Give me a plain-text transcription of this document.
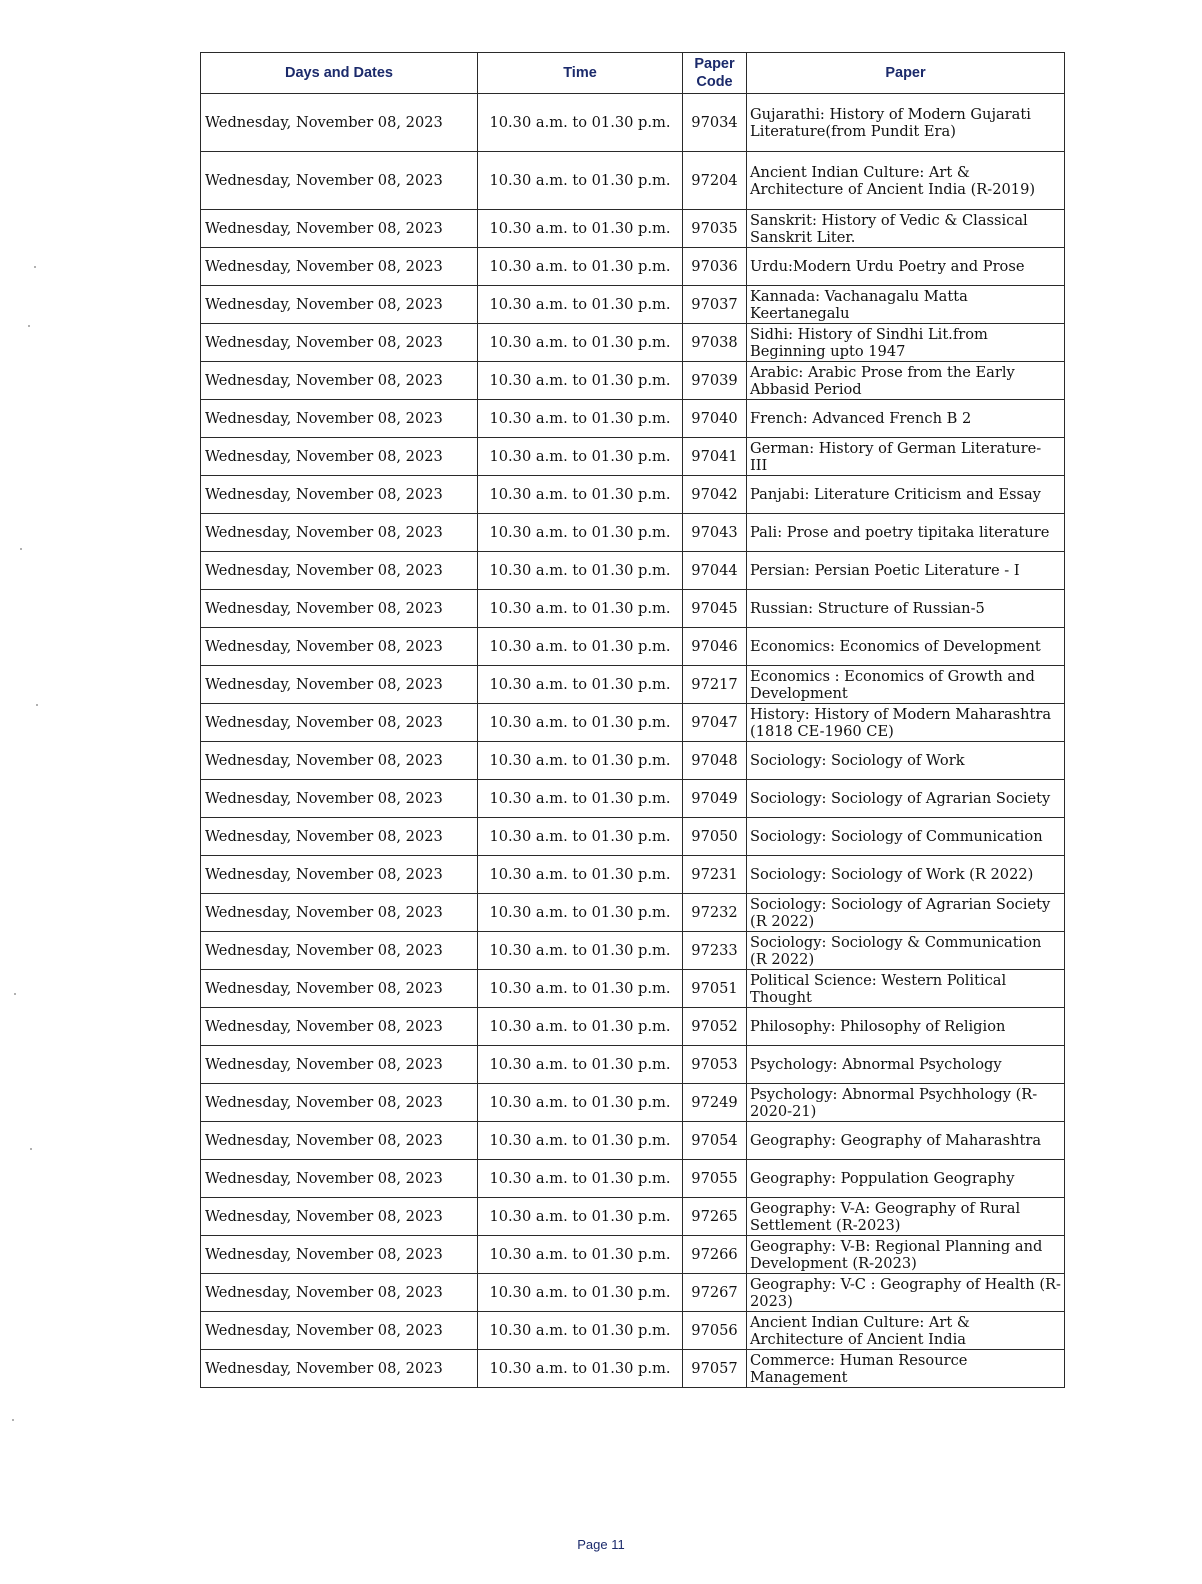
Days and Dates	Time	Paper Code	Paper
Wednesday, November 08, 2023	10.30 a.m. to 01.30 p.m.	97034	Gujarathi: History of Modern Gujarati Literature(from Pundit Era)
Wednesday, November 08, 2023	10.30 a.m. to 01.30 p.m.	97204	Ancient Indian Culture: Art & Architecture of Ancient India (R-2019)
Wednesday, November 08, 2023	10.30 a.m. to 01.30 p.m.	97035	Sanskrit: History of Vedic & Classical Sanskrit Liter.
Wednesday, November 08, 2023	10.30 a.m. to 01.30 p.m.	97036	Urdu:Modern Urdu Poetry and Prose
Wednesday, November 08, 2023	10.30 a.m. to 01.30 p.m.	97037	Kannada: Vachanagalu Matta Keertanegalu
Wednesday, November 08, 2023	10.30 a.m. to 01.30 p.m.	97038	Sidhi: History of Sindhi Lit.from Beginning upto 1947
Wednesday, November 08, 2023	10.30 a.m. to 01.30 p.m.	97039	Arabic: Arabic Prose from the Early Abbasid Period
Wednesday, November 08, 2023	10.30 a.m. to 01.30 p.m.	97040	French: Advanced French B 2
Wednesday, November 08, 2023	10.30 a.m. to 01.30 p.m.	97041	German: History of German Literature- III
Wednesday, November 08, 2023	10.30 a.m. to 01.30 p.m.	97042	Panjabi: Literature Criticism and Essay
Wednesday, November 08, 2023	10.30 a.m. to 01.30 p.m.	97043	Pali: Prose and poetry tipitaka literature
Wednesday, November 08, 2023	10.30 a.m. to 01.30 p.m.	97044	Persian: Persian Poetic Literature - I
Wednesday, November 08, 2023	10.30 a.m. to 01.30 p.m.	97045	Russian: Structure of Russian-5
Wednesday, November 08, 2023	10.30 a.m. to 01.30 p.m.	97046	Economics: Economics of Development
Wednesday, November 08, 2023	10.30 a.m. to 01.30 p.m.	97217	Economics : Economics of Growth and Development
Wednesday, November 08, 2023	10.30 a.m. to 01.30 p.m.	97047	History: History of Modern Maharashtra (1818 CE-1960 CE)
Wednesday, November 08, 2023	10.30 a.m. to 01.30 p.m.	97048	Sociology: Sociology of Work
Wednesday, November 08, 2023	10.30 a.m. to 01.30 p.m.	97049	Sociology: Sociology of Agrarian Society
Wednesday, November 08, 2023	10.30 a.m. to 01.30 p.m.	97050	Sociology: Sociology of Communication
Wednesday, November 08, 2023	10.30 a.m. to 01.30 p.m.	97231	Sociology: Sociology of Work (R 2022)
Wednesday, November 08, 2023	10.30 a.m. to 01.30 p.m.	97232	Sociology: Sociology of Agrarian Society (R 2022)
Wednesday, November 08, 2023	10.30 a.m. to 01.30 p.m.	97233	Sociology: Sociology & Communication (R 2022)
Wednesday, November 08, 2023	10.30 a.m. to 01.30 p.m.	97051	Political Science: Western Political Thought
Wednesday, November 08, 2023	10.30 a.m. to 01.30 p.m.	97052	Philosophy: Philosophy of Religion
Wednesday, November 08, 2023	10.30 a.m. to 01.30 p.m.	97053	Psychology: Abnormal Psychology
Wednesday, November 08, 2023	10.30 a.m. to 01.30 p.m.	97249	Psychology: Abnormal Psychhology (R-2020-21)
Wednesday, November 08, 2023	10.30 a.m. to 01.30 p.m.	97054	Geography: Geography of Maharashtra
Wednesday, November 08, 2023	10.30 a.m. to 01.30 p.m.	97055	Geography: Poppulation Geography
Wednesday, November 08, 2023	10.30 a.m. to 01.30 p.m.	97265	Geography: V-A: Geography of Rural Settlement (R-2023)
Wednesday, November 08, 2023	10.30 a.m. to 01.30 p.m.	97266	Geography: V-B: Regional Planning and Development (R-2023)
Wednesday, November 08, 2023	10.30 a.m. to 01.30 p.m.	97267	Geography: V-C : Geography of Health (R-2023)
Wednesday, November 08, 2023	10.30 a.m. to 01.30 p.m.	97056	Ancient Indian Culture: Art & Architecture of Ancient India
Wednesday, November 08, 2023	10.30 a.m. to 01.30 p.m.	97057	Commerce: Human Resource Management
Page 11
